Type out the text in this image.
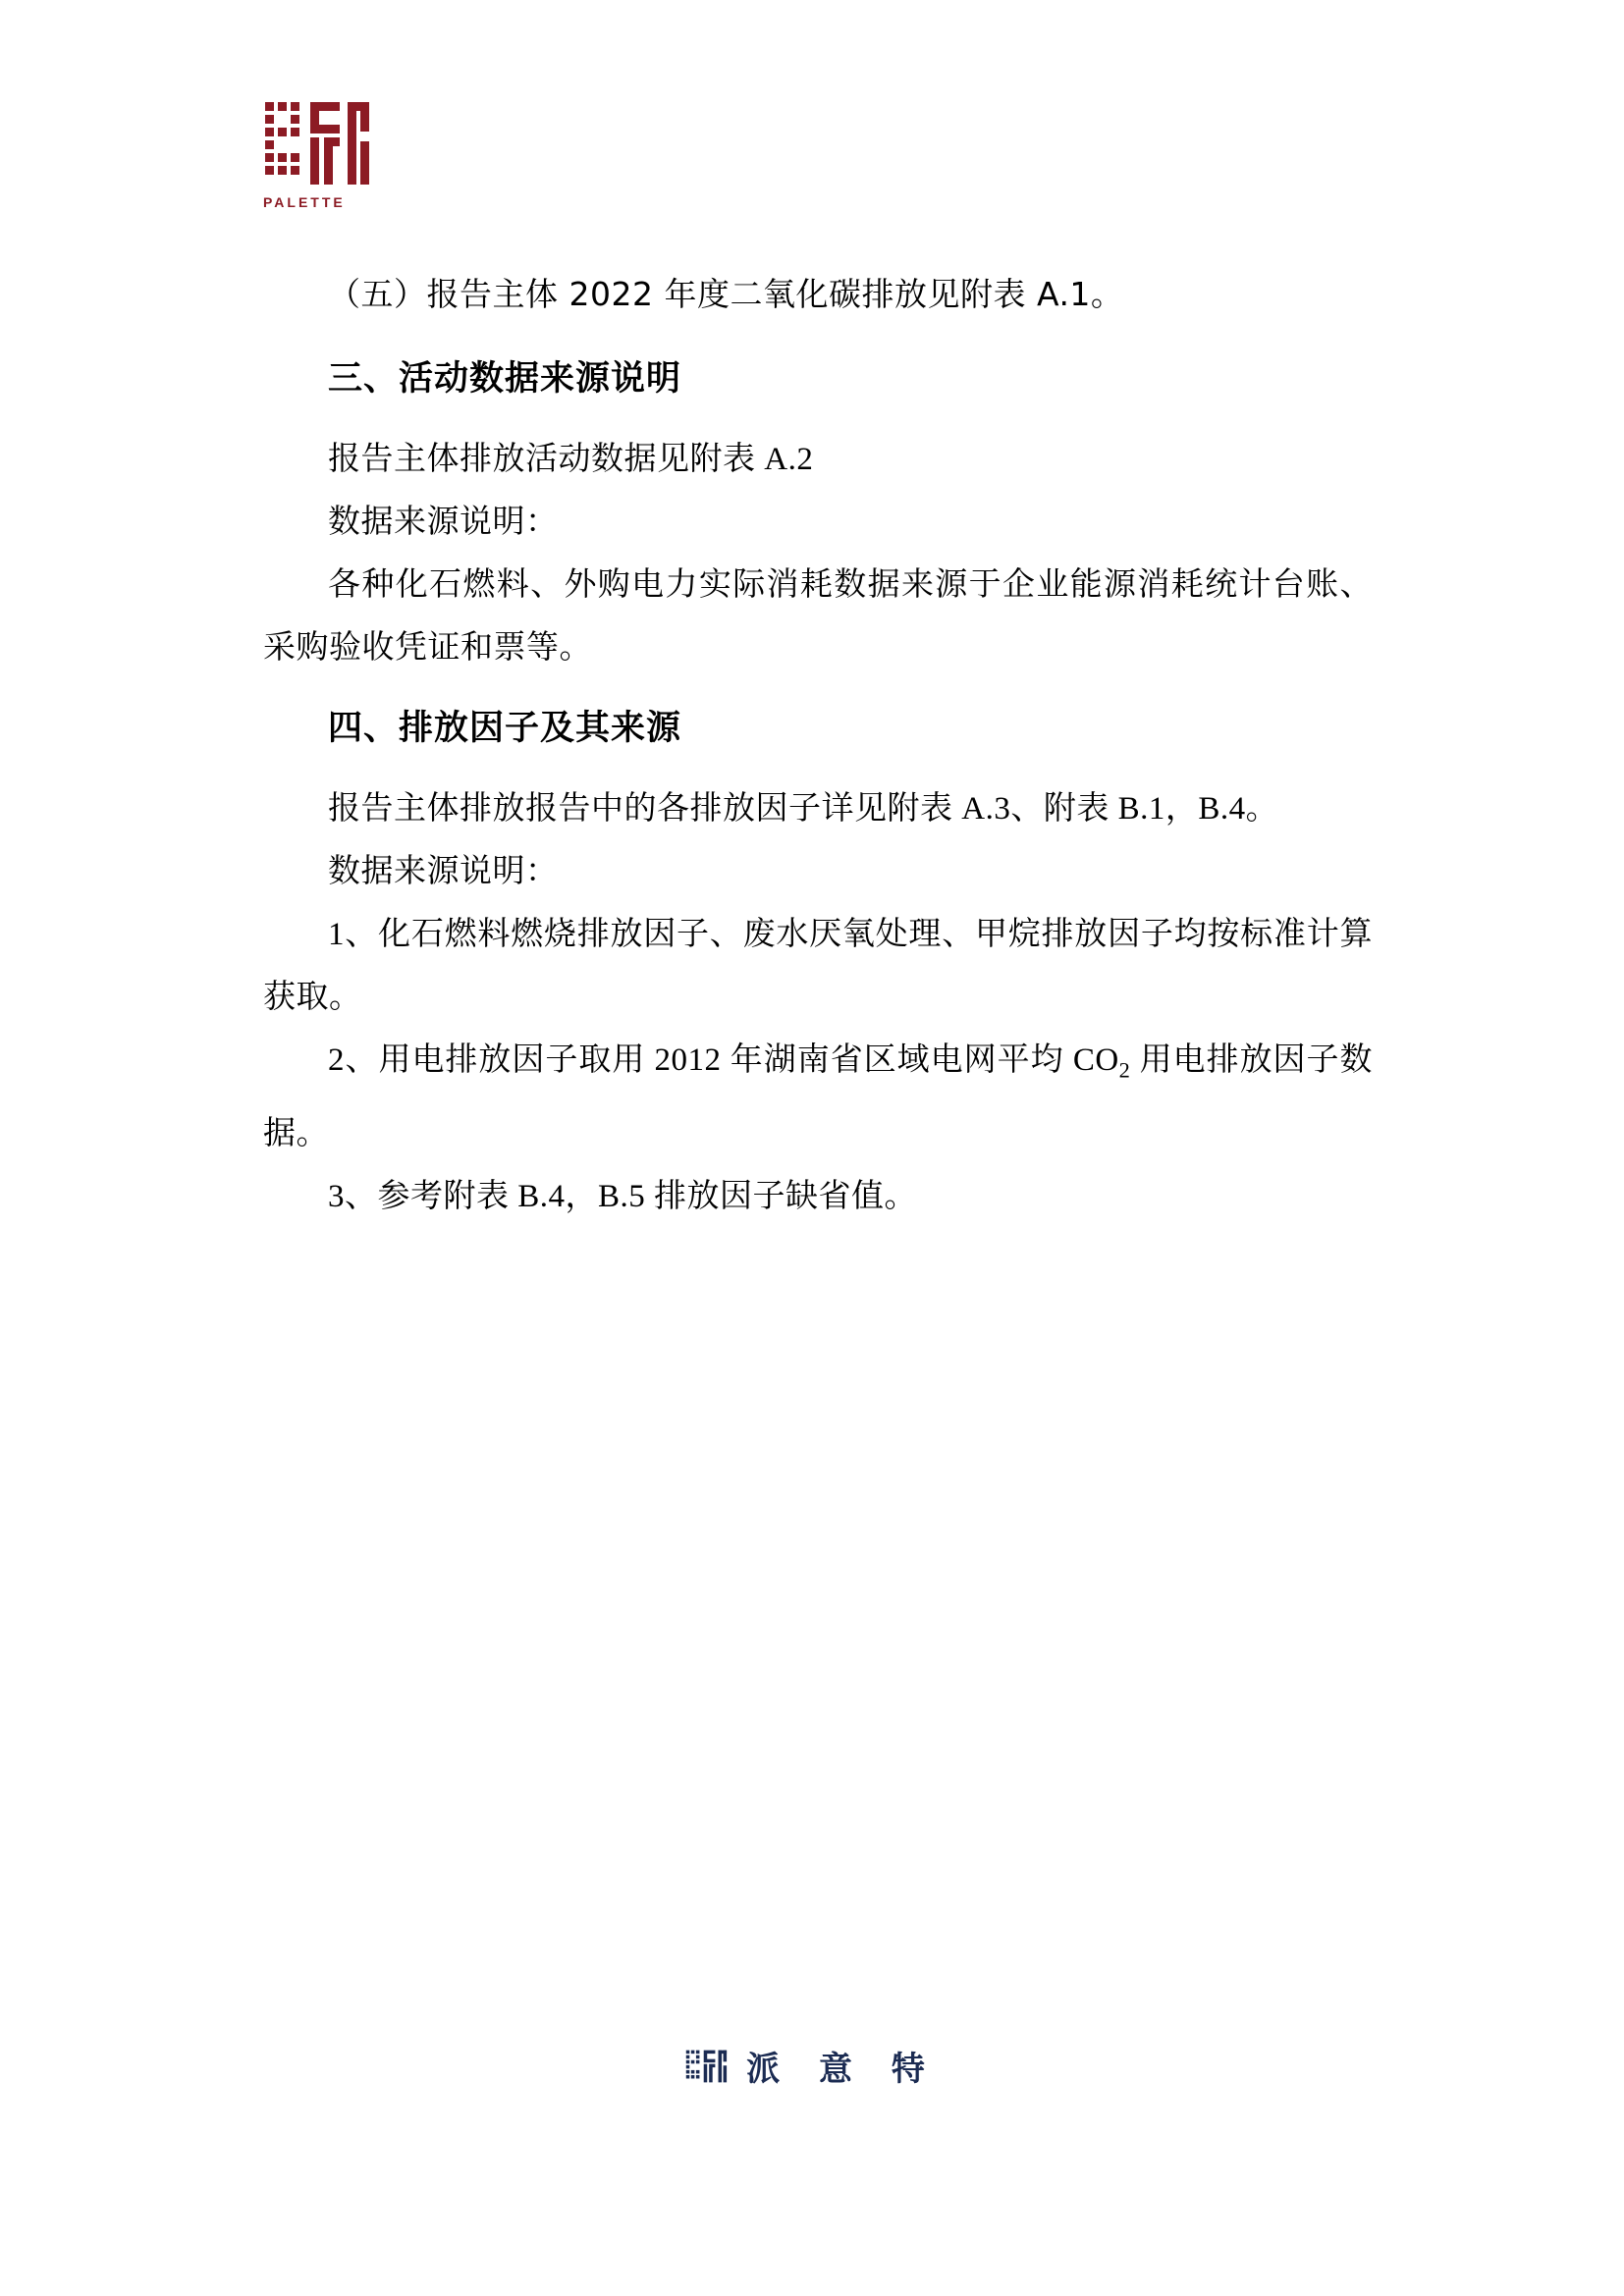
PALETTE

（五）报告主体 2022 年度二氧化碳排放见附表 A.1。

三、活动数据来源说明

报告主体排放活动数据见附表 A.2

数据来源说明：

各种化石燃料、外购电力实际消耗数据来源于企业能源消耗统计台账、采购验收凭证和票等。

四、排放因子及其来源

报告主体排放报告中的各排放因子详见附表 A.3、附表 B.1，B.4。

数据来源说明：

1、化石燃料燃烧排放因子、废水厌氧处理、甲烷排放因子均按标准计算获取。

2、用电排放因子取用 2012 年湖南省区域电网平均 $CO_2$ 用电排放因子数据。

3、参考附表 B.4，B.5 排放因子缺省值。

派 意 特
